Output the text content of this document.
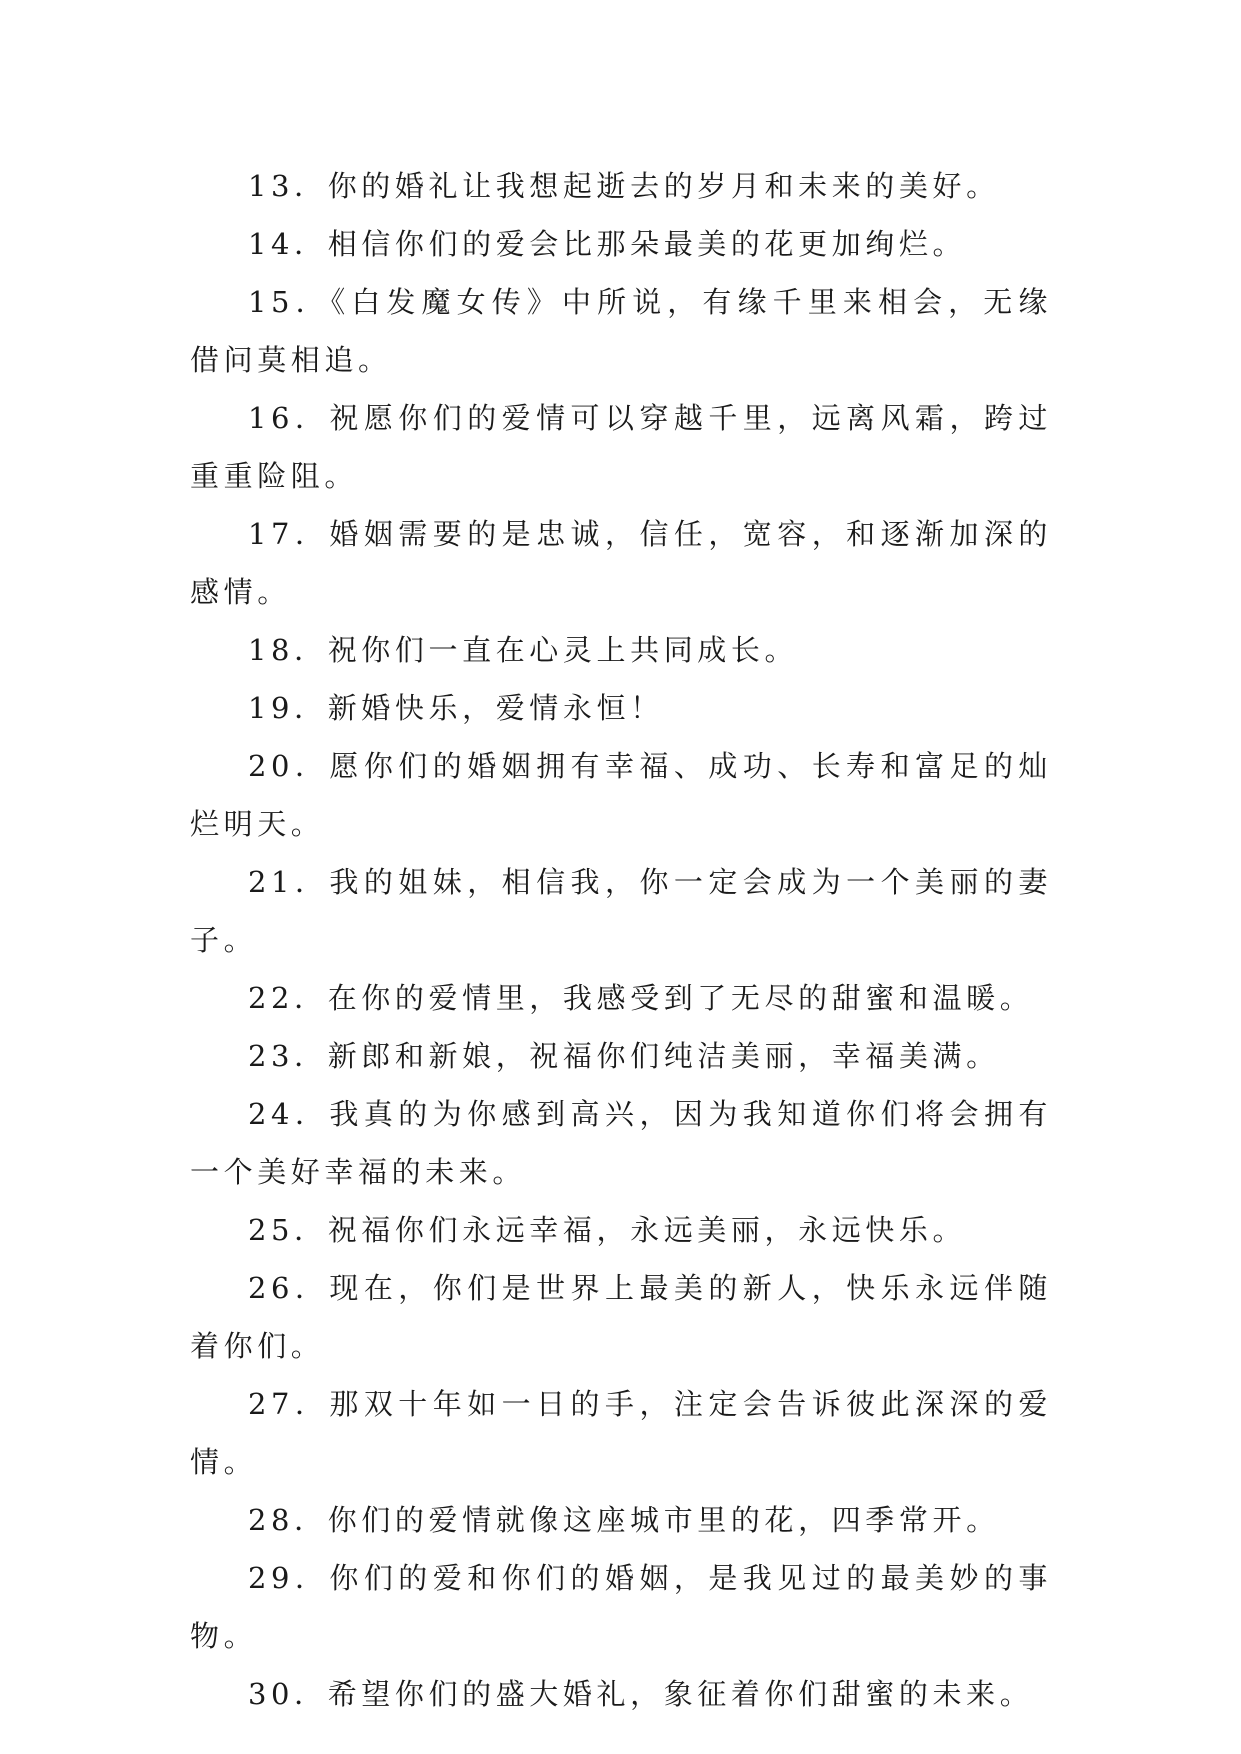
13．你的婚礼让我想起逝去的岁月和未来的美好。

14．相信你们的爱会比那朵最美的花更加绚烂。

15．《白发魔女传》中所说，有缘千里来相会，无缘借问莫相追。

16．祝愿你们的爱情可以穿越千里，远离风霜，跨过重重险阻。

17．婚姻需要的是忠诚，信任，宽容，和逐渐加深的感情。

18．祝你们一直在心灵上共同成长。

19．新婚快乐，爱情永恒！

20．愿你们的婚姻拥有幸福、成功、长寿和富足的灿烂明天。

21．我的姐妹，相信我，你一定会成为一个美丽的妻子。

22．在你的爱情里，我感受到了无尽的甜蜜和温暖。

23．新郎和新娘，祝福你们纯洁美丽，幸福美满。

24．我真的为你感到高兴，因为我知道你们将会拥有一个美好幸福的未来。

25．祝福你们永远幸福，永远美丽，永远快乐。

26．现在，你们是世界上最美的新人，快乐永远伴随着你们。

27．那双十年如一日的手，注定会告诉彼此深深的爱情。

28．你们的爱情就像这座城市里的花，四季常开。

29．你们的爱和你们的婚姻，是我见过的最美妙的事物。

30．希望你们的盛大婚礼，象征着你们甜蜜的未来。
